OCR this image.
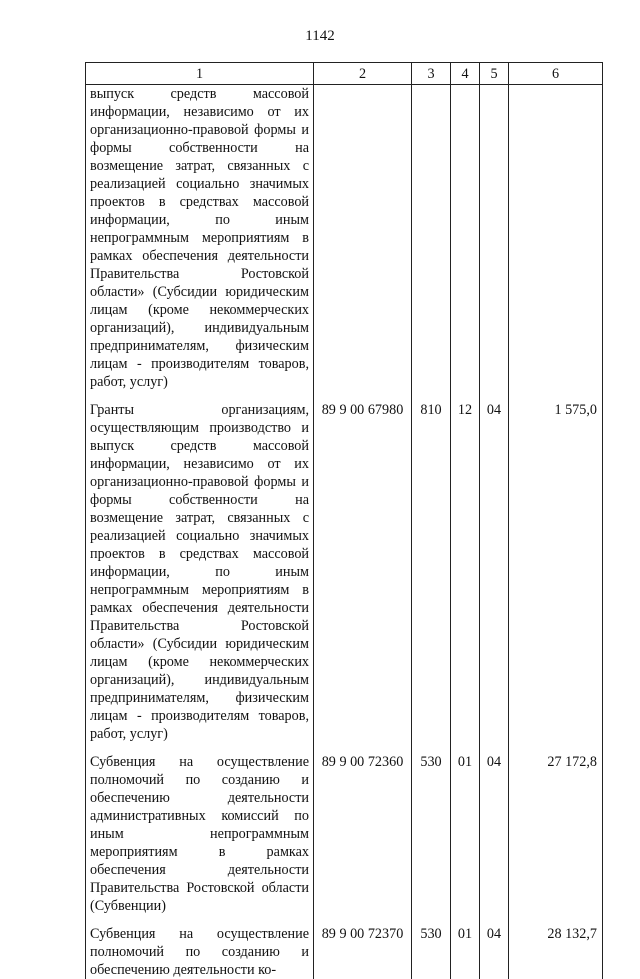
1142
1	2	3	4	5	6
выпуск средств массовой информации, независимо от их организационно-правовой формы и формы собственности на возмещение затрат, связанных с реализацией социально значимых проектов в средствах массовой информации, по иным непрограммным мероприятиям в рамках обеспечения деятельности Правительства Ростовской области» (Субсидии юридическим лицам (кроме некоммерческих организаций), индивидуальным предпринимателям, физическим лицам - производителям товаров, работ, услуг)					

Гранты организациям, осуществляющим производство и выпуск средств массовой информации, независимо от их организационно-правовой формы и формы собственности на возмещение затрат, связанных с реализацией социально значимых проектов в средствах массовой информации, по иным непрограммным мероприятиям в рамках обеспечения деятельности Правительства Ростовской области» (Субсидии юридическим лицам (кроме некоммерческих организаций), индивидуальным предпринимателям, физическим лицам - производителям товаров, работ, услуг)	89 9 00 67980	810	12	04	1 575,0

Субвенция на осуществление полномочий по созданию и обеспечению деятельности административных комиссий по иным непрограммным мероприятиям в рамках обеспечения деятельности Правительства Ростовской области (Субвенции)	89 9 00 72360	530	01	04	27 172,8

Субвенция на осуществление полномочий по созданию и обеспечению деятельности ко-	89 9 00 72370	530	01	04	28 132,7
